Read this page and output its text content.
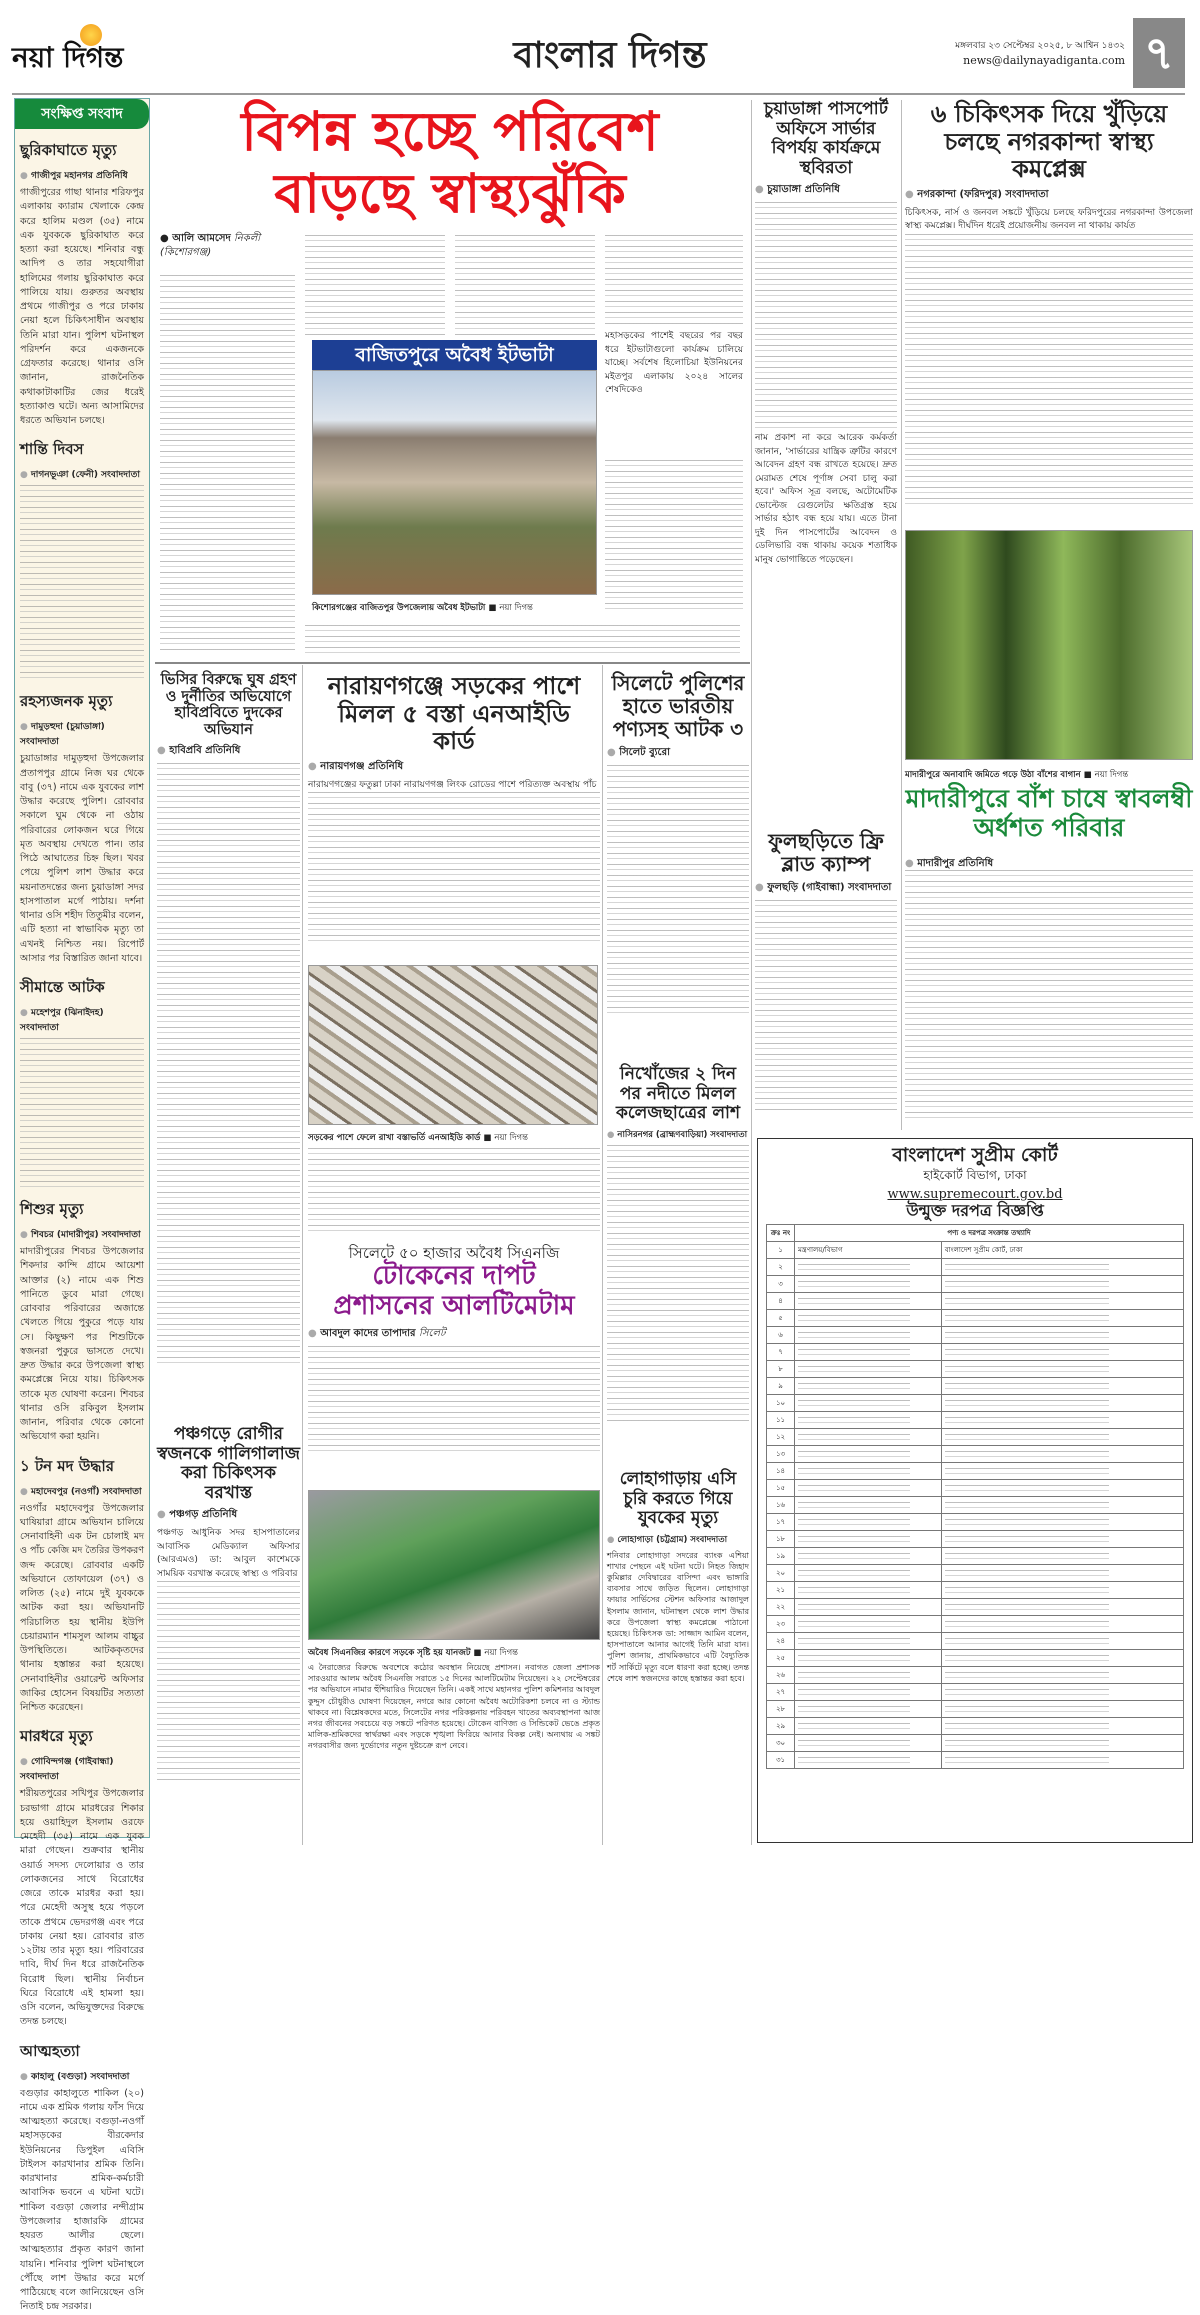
নয়া দিগন্ত	বাংলার দিগন্ত	মঙ্গলবার ২৩ সেপ্টেম্বর ২০২৫, ৮ আশ্বিন ১৪৩২
news@dailynayadiganta.com ৭
সংক্ষিপ্ত সংবাদ
ছুরিকাঘাতে মৃত্যু
● গাজীপুর মহানগর প্রতিনিধি
গাজীপুরের গাছা থানার শরিফপুর এলাকায় ক্যারাম খেলাকে কেন্দ্র করে হালিম মণ্ডল (৩৫) নামে এক যুবককে ছুরিকাঘাত করে হত্যা করা হয়েছে। শনিবার বন্ধু আদিপ ও তার সহযোগীরা হালিমের গলায় ছুরিকাঘাত করে পালিয়ে যায়। গুরুতর অবস্থায় প্রথমে গাজীপুর ও পরে ঢাকায় নেয়া হলে চিকিৎসাধীন অবস্থায় তিনি মারা যান। পুলিশ ঘটনাস্থল পরিদর্শন করে একজনকে গ্রেফতার করেছে। থানার ওসি জানান, রাজনৈতিক কথাকাটাকাটির জের ধরেই হত্যাকাণ্ড ঘটে। অন্য আসামিদের ধরতে অভিযান চলছে।
শান্তি দিবস
● দাগনভূঞা (ফেনী) সংবাদদাতা
রহস্যজনক মৃত্যু
● দামুড়হুদা (চুয়াডাঙ্গা) সংবাদদাতা
চুয়াডাঙ্গার দামুড়হুদা উপজেলার প্রতাপপুর গ্রামে নিজ ঘর থেকে বাবু (৩৭) নামে এক যুবকের লাশ উদ্ধার করেছে পুলিশ। রোববার সকালে ঘুম থেকে না ওঠায় পরিবারের লোকজন ঘরে গিয়ে মৃত অবস্থায় দেখতে পান। তার পিঠে আঘাতের চিহ্ন ছিল। খবর পেয়ে পুলিশ লাশ উদ্ধার করে ময়নাতদন্তের জন্য চুয়াডাঙ্গা সদর হাসপাতাল মর্গে পাঠায়। দর্শনা থানার ওসি শহীদ তিতুমীর বলেন, এটি হত্যা না স্বাভাবিক মৃত্যু তা এখনই নিশ্চিত নয়। রিপোর্ট আসার পর বিস্তারিত জানা যাবে।
সীমান্তে আটক
● মহেশপুর (ঝিনাইদহ) সংবাদদাতা
শিশুর মৃত্যু
● শিবচর (মাদারীপুর) সংবাদদাতা
মাদারীপুরের শিবচর উপজেলার শিকদার কান্দি গ্রামে আয়েশা আক্তার (২) নামে এক শিশু পানিতে ডুবে মারা গেছে। রোববার পরিবারের অজান্তে খেলতে গিয়ে পুকুরে পড়ে যায় সে। কিছুক্ষণ পর শিশুটিকে স্বজনরা পুকুরে ভাসতে দেখে। দ্রুত উদ্ধার করে উপজেলা স্বাস্থ্য কমপ্লেক্সে নিয়ে যায়। চিকিৎসক তাকে মৃত ঘোষণা করেন। শিবচর থানার ওসি রকিবুল ইসলাম জানান, পরিবার থেকে কোনো অভিযোগ করা হয়নি।
১ টন মদ উদ্ধার
● মহাদেবপুর (নওগাঁ) সংবাদদাতা
নওগাঁর মহাদেবপুর উপজেলার ঘাষিয়ারা গ্রামে অভিযান চালিয়ে সেনাবাহিনী এক টন চোলাই মদ ও পাঁচ কেজি মদ তৈরির উপকরণ জব্দ করেছে। রোববার একটি অভিযানে তোফায়েল (৩৭) ও ললিত (২৫) নামে দুই যুবককে আটক করা হয়। অভিযানটি পরিচালিত হয় স্থানীয় ইউপি চেয়ারম্যান শামসুল আলম বাচ্চুর উপস্থিতিতে। আটককৃতদের থানায় হস্তান্তর করা হয়েছে। সেনাবাহিনীর ওয়ারেন্ট অফিসার জাকির হোসেন বিষয়টির সত্যতা নিশ্চিত করেছেন।
মারধরে মৃত্যু
● গোবিন্দগঞ্জ (গাইবান্ধা) সংবাদদাতা
শরীয়তপুরের সখিপুর উপজেলার চরভাগা গ্রামে মারধরের শিকার হয়ে ওয়াহিদুল ইসলাম ওরফে মেহেদী (৩৫) নামে এক যুবক মারা গেছেন। শুক্রবার স্থানীয় ওয়ার্ড সদস্য দেলোয়ার ও তার লোকজনের সাথে বিরোধের জেরে তাকে মারধর করা হয়। পরে মেহেদী অসুস্থ হয়ে পড়লে তাকে প্রথমে ভেদরগঞ্জ এবং পরে ঢাকায় নেয়া হয়। রোববার রাত ১২টায় তার মৃত্যু হয়। পরিবারের দাবি, দীর্ঘ দিন ধরে রাজনৈতিক বিরোধ ছিল। স্থানীয় নির্বাচন ঘিরে বিরোধে এই হামলা হয়। ওসি বলেন, অভিযুক্তদের বিরুদ্ধে তদন্ত চলছে।
আত্মহত্যা
● কাহালু (বগুড়া) সংবাদদাতা
বগুড়ার কাহালুতে শাকিল (২০) নামে এক শ্রমিক গলায় ফাঁস দিয়ে আত্মহত্যা করেছে। বগুড়া-নওগাঁ মহাসড়কের বীরকেদার ইউনিয়নের ডিপুইল এবিসি টাইলস কারখানার শ্রমিক তিনি। কারখানার শ্রমিক-কর্মচারী আবাসিক ভবনে এ ঘটনা ঘটে। শাকিল বগুড়া জেলার নন্দীগ্রাম উপজেলার হাজারকি গ্রামের হযরত আলীর ছেলে। আত্মহত্যার প্রকৃত কারণ জানা যায়নি। শনিবার পুলিশ ঘটনাস্থলে পৌঁছে লাশ উদ্ধার করে মর্গে পাঠিয়েছে বলে জানিয়েছেন ওসি নিতাই চন্দ্র সরকার।
বিপন্ন হচ্ছে পরিবেশ
বাড়ছে স্বাস্থ্যঝুঁকি
● আলি আমসেদ নিকলী (কিশোরগঞ্জ)
মহাসড়কের পাশেই বছরের পর বছর ধরে ইটভাটাগুলো কার্যক্রম চালিয়ে যাচ্ছে। সর্বশেষ হিলোচিয়া ইউনিয়নের মইতপুর এলাকায় ২০২৪ সালের শেষদিকেও
বাজিতপুরে অবৈধ ইটভাটা
কিশোরগঞ্জের বাজিতপুর উপজেলায় অবৈধ ইটভাটা ■ নয়া দিগন্ত
চুয়াডাঙ্গা পাসপোর্ট অফিসে সার্ভার বিপর্যয় কার্যক্রমে স্থবিরতা
● চুয়াডাঙ্গা প্রতিনিধি
নাম প্রকাশ না করে আরেক কর্মকর্তা জানান, 'সার্ভারের যান্ত্রিক ত্রুটির কারণে আবেদন গ্রহণ বন্ধ রাখতে হয়েছে। দ্রুত মেরামত শেষে পূর্ণাঙ্গ সেবা চালু করা হবে।' অফিস সূত্র বলছে, অটোমেটিক ভোল্টেজ রেগুলেটর ক্ষতিগ্রস্ত হয়ে সার্ভার হঠাৎ বন্ধ হয়ে যায়। এতে টানা দুই দিন পাসপোর্টের আবেদন ও ডেলিভারি বন্ধ থাকায় কয়েক শতাধিক মানুষ ভোগান্তিতে পড়েছেন।
ফুলছড়িতে ফ্রি ব্লাড ক্যাম্প
● ফুলছড়ি (গাইবান্ধা) সংবাদদাতা
৬ চিকিৎসক দিয়ে খুঁড়িয়ে চলছে নগরকান্দা স্বাস্থ্য কমপ্লেক্স
● নগরকান্দা (ফরিদপুর) সংবাদদাতা
চিকিৎসক, নার্স ও জনবল সঙ্কটে খুঁড়িয়ে চলছে ফরিদপুরের নগরকান্দা উপজেলা স্বাস্থ্য কমপ্লেক্স। দীর্ঘদিন ধরেই প্রয়োজনীয় জনবল না থাকায় কার্যত
মাদারীপুরে অনাবাদি জমিতে গড়ে উঠা বাঁশের বাগান ■ নয়া দিগন্ত
মাদারীপুরে বাঁশ চাষে স্বাবলম্বী অর্ধশত পরিবার
● মাদারীপুর প্রতিনিধি
ভিসির বিরুদ্ধে ঘুষ গ্রহণ ও দুর্নীতির অভিযোগে হাবিপ্রবিতে দুদকের অভিযান
● হাবিপ্রবি প্রতিনিধি
পঞ্চগড়ে রোগীর স্বজনকে গালিগালাজ করা চিকিৎসক বরখাস্ত
● পঞ্চগড় প্রতিনিধি
পঞ্চগড় আধুনিক সদর হাসপাতালের আবাসিক মেডিক্যাল অফিসার (আরএমও) ডা: আবুল কাশেমকে সাময়িক বরখাস্ত করেছে স্বাস্থ্য ও পরিবার
নারায়ণগঞ্জে সড়কের পাশে মিলল ৫ বস্তা এনআইডি কার্ড
● নারায়ণগঞ্জ প্রতিনিধি
নারায়ণগঞ্জের ফতুল্লা ঢাকা নারায়ণগঞ্জ লিংক রোডের পাশে পরিত্যক্ত অবস্থায় পাঁচ
সড়কের পাশে ফেলে রাখা বস্তাভর্তি এনআইডি কার্ড ■ নয়া দিগন্ত
সিলেটে ৫০ হাজার অবৈধ সিএনজি
টোকেনের দাপট প্রশাসনের আলটিমেটাম
● আবদুল কাদের তাপাদার সিলেট
অবৈধ সিএনজির কারণে সড়কে সৃষ্টি হয় যানজট ■ নয়া দিগন্ত
এ নৈরাজ্যের বিরুদ্ধে অবশেষে কঠোর অবস্থান নিয়েছে প্রশাসন। নবাগত জেলা প্রশাসক সারওয়ার আলম অবৈধ সিএনজি সরাতে ১৫ দিনের আলটিমেটাম দিয়েছেন। ২২ সেপ্টেম্বরের পর অভিযানে নামার হুঁশিয়ারিও দিয়েছেন তিনি। একই সাথে মহানগর পুলিশ কমিশনার আবদুল কুদ্দুস চৌধুরীও ঘোষণা দিয়েছেন, নগরে আর কোনো অবৈধ অটোরিকশা চলবে না ও স্ট্যান্ড থাকবে না। বিশ্লেষকদের মতে, সিলেটের নগর পরিকল্পনায় পরিবহন খাতের অব্যবস্থাপনা আজ নগর জীবনের সবচেয়ে বড় সঙ্কটে পরিণত হয়েছে। টোকেন বাণিজ্য ও সিন্ডিকেট ভেঙে প্রকৃত মালিক-শ্রমিকদের স্বার্থরক্ষা এবং সড়কে শৃঙ্খলা ফিরিয়ে আনার বিকল্প নেই। অন্যথায় এ সঙ্কট নগরবাসীর জন্য দুর্ভোগের নতুন দুষ্টচক্রে রূপ নেবে।
সিলেটে পুলিশের হাতে ভারতীয় পণ্যসহ আটক ৩
● সিলেট ব্যুরো
নিখোঁজের ২ দিন পর নদীতে মিলল কলেজছাত্রের লাশ
● নাসিরনগর (ব্রাহ্মণবাড়িয়া) সংবাদদাতা
লোহাগাড়ায় এসি চুরি করতে গিয়ে যুবকের মৃত্যু
● লোহাগাড়া (চট্টগ্রাম) সংবাদদাতা
শনিবার লোহাগাড়া সদরের ব্যাংক এশিয়া শাখার পেছনে এই ঘটনা ঘটে। নিহত জিহাদ কুমিল্লার দেবিদ্বারের বাসিন্দা এবং ভাঙ্গারি ব্যবসার সাথে জড়িত ছিলেন। লোহাগাড়া ফায়ার সার্ভিসের স্টেশন অফিসার আজাদুল ইসলাম জানান, ঘটনাস্থল থেকে লাশ উদ্ধার করে উপজেলা স্বাস্থ্য কমপ্লেক্সে পাঠানো হয়েছে। চিকিৎসক ডা: সাজ্জাদ আমিন বলেন, হাসপাতালে আনার আগেই তিনি মারা যান। পুলিশ জানায়, প্রাথমিকভাবে এটি বৈদ্যুতিক শর্ট সার্কিটে মৃত্যু বলে ধারণা করা হচ্ছে। তদন্ত শেষে লাশ স্বজনদের কাছে হস্তান্তর করা হবে।
বাংলাদেশ সুপ্রীম কোর্ট
হাইকোর্ট বিভাগ, ঢাকা
www.supremecourt.gov.bd
উন্মুক্ত দরপত্র বিজ্ঞপ্তি
ক্রঃ নং	পণ্য ও দরপত্র সংক্রান্ত তথ্যাদি	
১	মন্ত্রণালয়/বিভাগ	বাংলাদেশ সুপ্রীম কোর্ট, ঢাকা
২	

৩	

৪	

৫	

৬	

৭	

৮	

৯	

১০	

১১	

১২	

১৩	

১৪	

১৫	

১৬	

১৭	

১৮	

১৯	

২০	

২১	

২২	

২৩	

২৪	

২৫	

২৬	

২৭	

২৮	

২৯	

৩০	

৩১	
